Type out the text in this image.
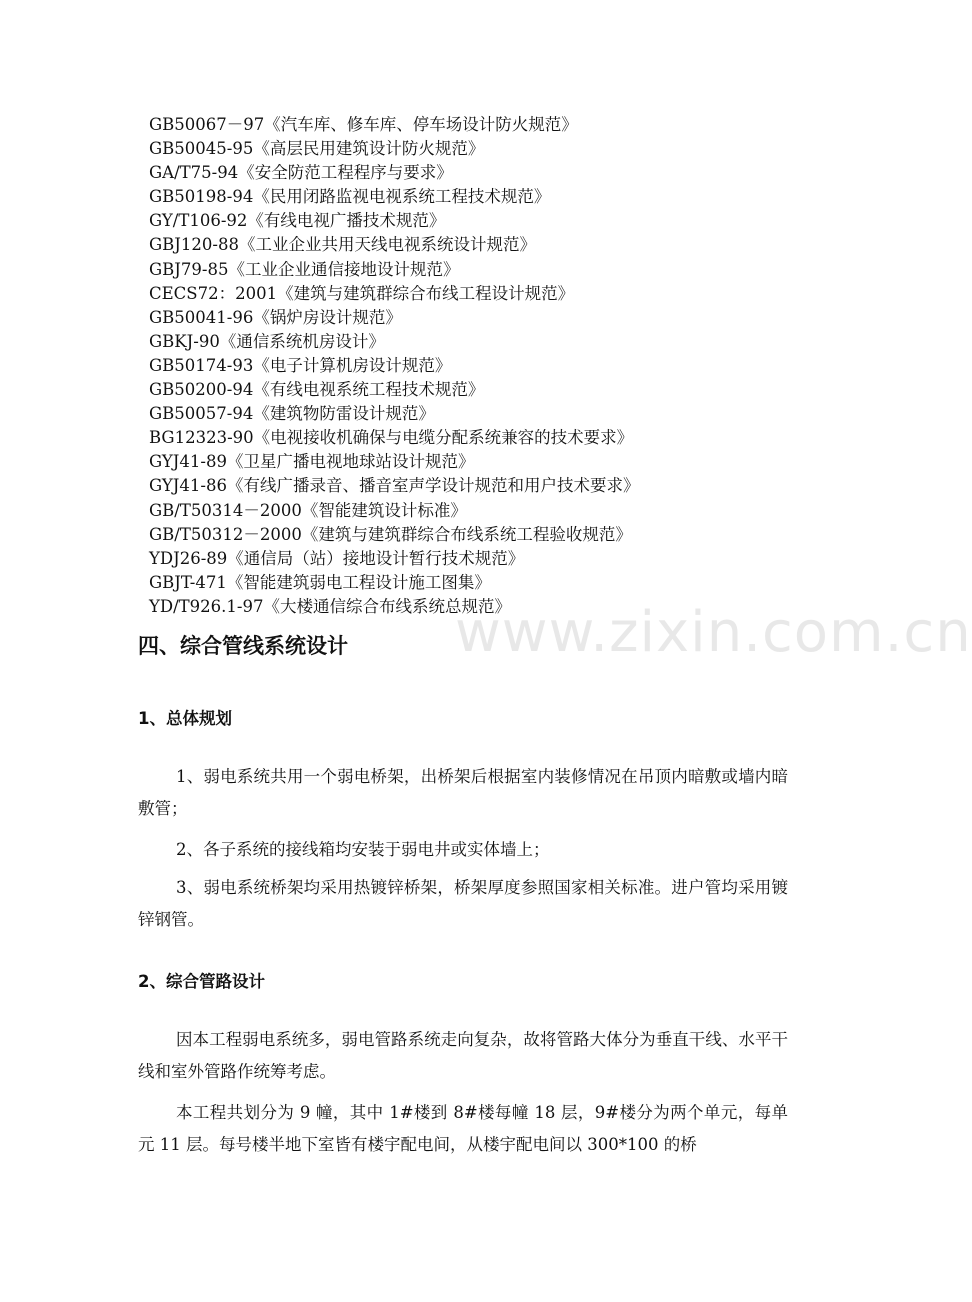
GB50067－97《汽车库、修车库、停车场设计防火规范》
GB50045-95《高层民用建筑设计防火规范》
GA/T75-94《安全防范工程程序与要求》
GB50198-94《民用闭路监视电视系统工程技术规范》
GY/T106-92《有线电视广播技术规范》
GBJ120-88《工业企业共用天线电视系统设计规范》
GBJ79-85《工业企业通信接地设计规范》
CECS72：2001《建筑与建筑群综合布线工程设计规范》
GB50041-96《锅炉房设计规范》
GBKJ-90《通信系统机房设计》
GB50174-93《电子计算机房设计规范》
GB50200-94《有线电视系统工程技术规范》
GB50057-94《建筑物防雷设计规范》
BG12323-90《电视接收机确保与电缆分配系统兼容的技术要求》
GYJ41-89《卫星广播电视地球站设计规范》
GYJ41-86《有线广播录音、播音室声学设计规范和用户技术要求》
GB/T50314－2000《智能建筑设计标准》
GB/T50312－2000《建筑与建筑群综合布线系统工程验收规范》
YDJ26-89《通信局（站）接地设计暂行技术规范》
GBJT-471《智能建筑弱电工程设计施工图集》
YD/T926.1-97《大楼通信综合布线系统总规范》
www.zixin.com.cn
四、综合管线系统设计
1、总体规划

1、弱电系统共用一个弱电桥架，出桥架后根据室内装修情况在吊顶内暗敷或墙内暗敷管；

2、各子系统的接线箱均安装于弱电井或实体墙上；

3、弱电系统桥架均采用热镀锌桥架，桥架厚度参照国家相关标准。进户管均采用镀锌钢管。

2、综合管路设计

因本工程弱电系统多，弱电管路系统走向复杂，故将管路大体分为垂直干线、水平干线和室外管路作统筹考虑。

本工程共划分为 9 幢，其中 1#楼到 8#楼每幢 18 层，9#楼分为两个单元，每单元 11 层。每号楼半地下室皆有楼宇配电间，从楼宇配电间以 300*100 的桥
